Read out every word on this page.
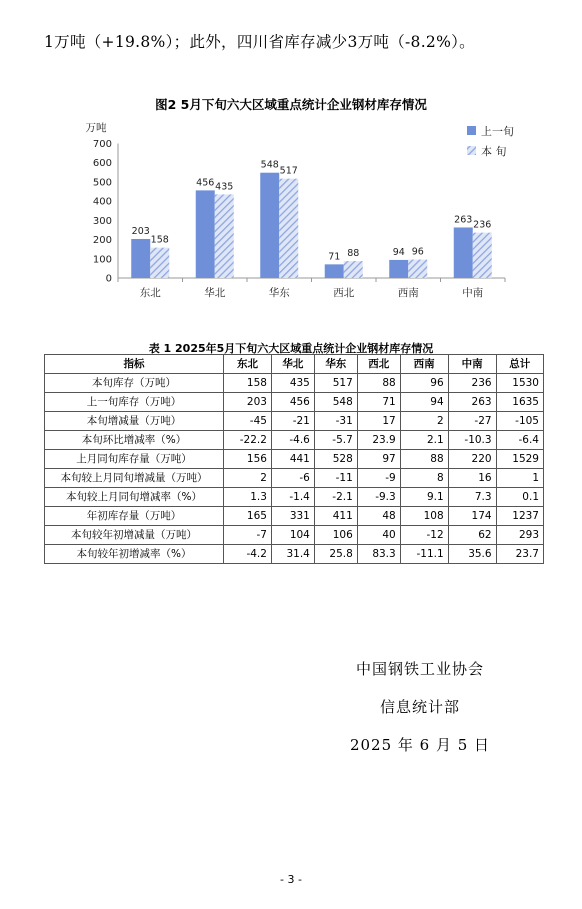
1万吨（+19.8%）；此外，四川省库存减少3万吨（-8.2%）。
图2 5月下旬六大区域重点统计企业钢材库存情况
万吨
0
100
200
300
400
500
600
700
东北
203
158
华北
456 435
华东
548
517
西北
71 88
西南
94 96
中南
263 236
上一旬
本 旬
表 1 2025年5月下旬六大区域重点统计企业钢材库存情况
指标	东北	华北	华东	西北	西南	中南	总计
本旬库存（万吨）	158	435	517	88	96	236	1530
上一旬库存（万吨）	203	456	548	71	94	263	1635
本旬增减量（万吨）	-45	-21	-31	17	2	-27	-105
本旬环比增减率（%）	-22.2	-4.6	-5.7	23.9	2.1	-10.3	-6.4
上月同旬库存量（万吨）	156	441	528	97	88	220	1529
本旬较上月同旬增减量（万吨）	2	-6	-11	-9	8	16	1
本旬较上月同旬增减率（%）	1.3	-1.4	-2.1	-9.3	9.1	7.3	0.1
年初库存量（万吨）	165	331	411	48	108	174	1237
本旬较年初增减量（万吨）	-7	104	106	40	-12	62	293
本旬较年初增减率（%）	-4.2	31.4	25.8	83.3	-11.1	35.6	23.7
中国钢铁工业协会
信息统计部
2025 年 6 月 5 日
- 3 -
